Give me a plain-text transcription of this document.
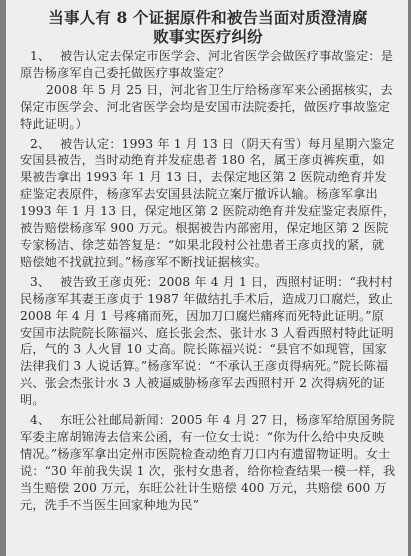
当事人有 8 个证据原件和被告当面对质澄清腐
败事实医疗纠纷

1、 被告认定去保定市医学会、河北省医学会做医疗事故鉴定：是原告杨彦军自己委托做医疗事故鉴定？

2008 年 5 月 25 日，河北省卫生厅给杨彦军来公函据核实，去保定市医学会、河北省医学会均是安国市法院委托，做医疗事故鉴定特此证明。）

2、 被告认定：1993 年 1 月 13 日（阴天有雪）每月星期六鉴定安国县被告，当时动绝育并发症患者 180 名，属王彦贞裤疾重，如果被告拿出 1993 年 1 月 13 日，去保定地区第 2 医院动绝育并发症鉴定表原件，杨彦军去安国县法院立案厅撤诉认输。杨彦军拿出 1993 年 1 月 13 日，保定地区第 2 医院动绝育并发症鉴定表原件，被告赔偿杨彦军 900 万元。根据被告内部密用，保定地区第 2 医院专家杨洁、徐芝茹答复是：“如果北段村公社患者王彦贞找的紧，就赔偿她不找就拉到。”杨彦军不断找证据核实。

3、 被告致王彦贞死：2008 年 4 月 1 日，西照村证明：“我村村民杨彦军其妻王彦贞于 1987 年做结扎手术后，造成刀口腐烂，致止 2008 年 4 月 1 号疼痛而死，因加刀口腐烂痛疼而死特此证明。”原安国市法院院长陈福兴、庭长张会杰、张计水 3 人看西照村特此证明后，气的 3 人火冒 10 丈高。院长陈福兴说：“县官不如现管，国家法律我们 3 人说话算。”杨彦军说：“不承认王彦贞得病死。”院长陈福兴、张会杰张计水 3 人被逼威胁杨彦军去西照村开 2 次得病死的证明。

4、 东旺公社邮局新闻：2005 年 4 月 27 日，杨彦军给原国务院军委主席胡锦涛去信来公函，有一位女士说：“你为什么给中央反映情况。”杨彦军拿出定州市医院检查动绝育刀口内有遗留物证明。女士说：“30 年前我失误 1 次，张村女患者，给你检查结果一模一样，我当生赔偿 200 万元，东旺公社计生赔偿 400 万元，共赔偿 600 万元，洗手不当医生回家种地为民”
